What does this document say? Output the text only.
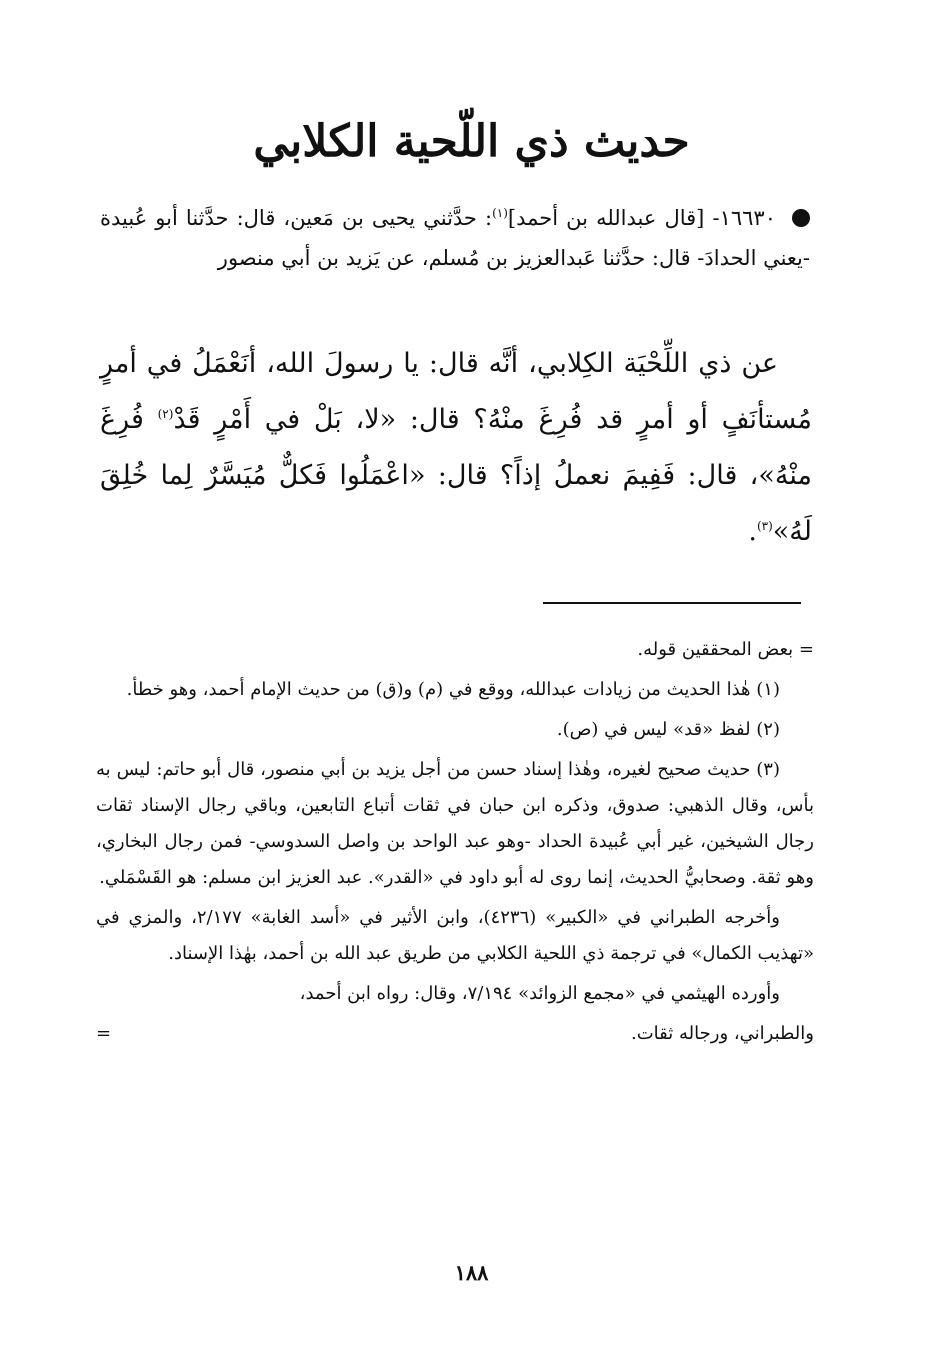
حديث ذي اللّحية الكلابي
١٦٦٣٠- [قال عبدالله بن أحمد]$^{(١)}$: حدَّثني يحيى بن مَعين، قال: حدَّثنا أبو عُبيدة -يعني الحدادَ- قال: حدَّثنا عَبدالعزيز بن مُسلم، عن يَزيد بن أبي منصور
عن ذي اللِّحْيَة الكِلابي، أنَّه قال: يا رسولَ الله، أنَعْمَلُ في أمرٍ مُستأنَفٍ أو أمرٍ قد فُرِغَ منْهُ؟ قال: «لا، بَلْ في أَمْرٍ قَدْ$^{(٢)}$ فُرِغَ منْهُ»، قال: فَفِيمَ نعملُ إذاً؟ قال: «اعْمَلُوا فَكلٌّ مُيَسَّرٌ لِما خُلِقَ لَهُ»$^{(٣)}$.

= بعض المحققين قوله.

(١) هٰذا الحديث من زيادات عبدالله، ووقع في (م) و(ق) من حديث الإمام أحمد، وهو خطأ.

(٢) لفظ «قد» ليس في (ص).

(٣) حديث صحيح لغيره، وهٰذا إسناد حسن من أجل يزيد بن أبي منصور، قال أبو حاتم: ليس به بأس، وقال الذهبي: صدوق، وذكره ابن حبان في ثقات أتباع التابعين، وباقي رجال الإسناد ثقات رجال الشيخين، غير أبي عُبيدة الحداد -وهو عبد الواحد بن واصل السدوسي- فمن رجال البخاري، وهو ثقة. وصحابيُّ الحديث، إنما روى له أبو داود في «القدر». عبد العزيز ابن مسلم: هو القَسْمَلي.

وأخرجه الطبراني في «الكبير» (٤٢٣٦)، وابن الأثير في «أسد الغابة» ٢/١٧٧، والمزي في «تهذيب الكمال» في ترجمة ذي اللحية الكلابي من طريق عبد الله بن أحمد، بهٰذا الإسناد.

وأورده الهيثمي في «مجمع الزوائد» ٧/١٩٤، وقال: رواه ابن أحمد،

والطبراني، ورجاله ثقات.
=
١٨٨
